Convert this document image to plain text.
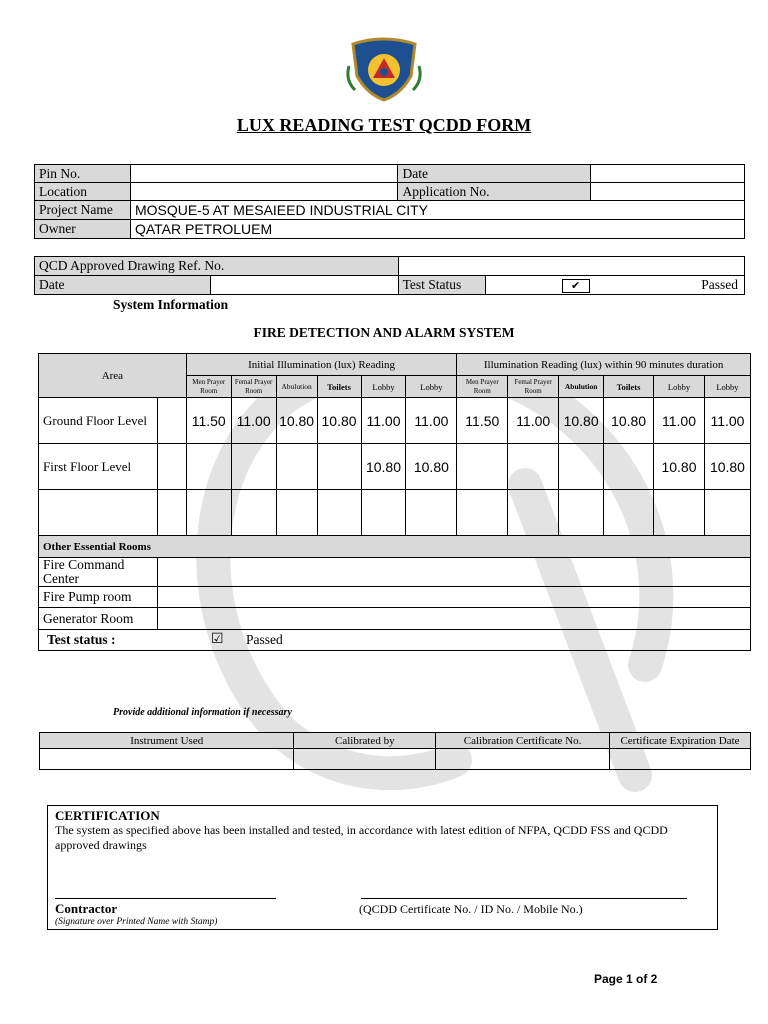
LUX READING TEST QCDD FORM
Pin No.		Date	
Location		Application No.	
Project Name	MOSQUE-5 AT MESAIEED INDUSTRIAL CITY		
Owner	QATAR PETROLUEM		
QCD Approved Drawing Ref. No.			
Date		Test Status	✔ Passed
System Information
FIRE DETECTION AND ALARM SYSTEM
Area		Initial Illumination (lux) Reading						Illumination Reading (lux) within 90 minutes duration					
		Men Prayer Room	Femal Prayer Room	Abulution	Toilets	Lobby	Lobby	Men Prayer Room	Femal Prayer Room	Abulution	Toilets	Lobby	Lobby
Ground Floor Level		11.50	11.00	10.80	10.80	11.00	11.00	11.50	11.00	10.80	10.80	11.00	11.00
First Floor Level						10.80	10.80					10.80	10.80

Other Essential Rooms													
Fire Command Center													
Fire Pump room													
Generator Room													
Test status : ☑ Passed													
Provide additional information if necessary
Instrument Used	Calibrated by	Calibration Certificate No.	Certificate Expiration Date

CERTIFICATION
The system as specified above has been installed and tested, in accordance with latest edition of NFPA, QCDD FSS and QCDD approved drawings
Contractor
(Signature over Printed Name with Stamp)
(QCDD Certificate No. / ID No. / Mobile No.)
Page 1 of 2
